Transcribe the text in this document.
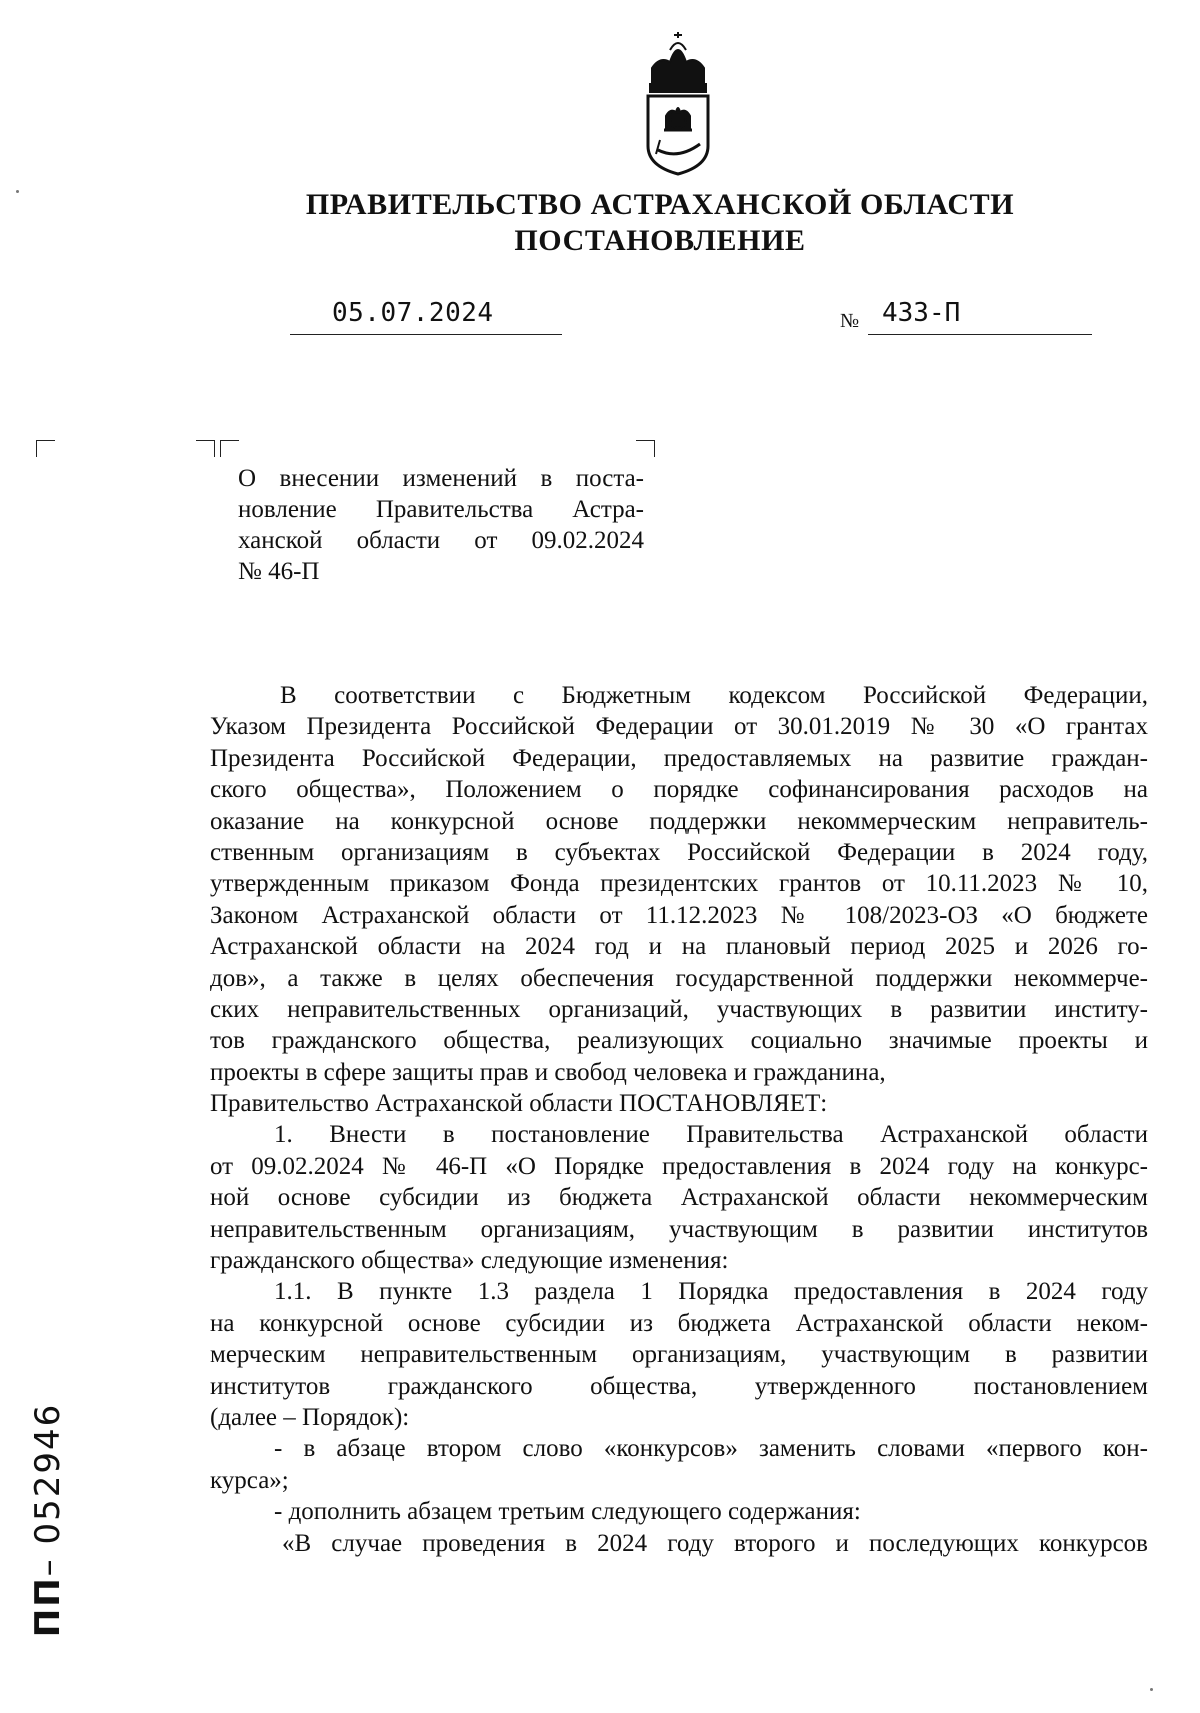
ПРАВИТЕЛЬСТВО АСТРАХАНСКОЙ ОБЛАСТИ
ПОСТАНОВЛЕНИЕ
05.07.2024	№ 433-П
О внесении изменений в поста-
новление Правительства Астра-
ханской области от 09.02.2024
№ 46-П
В соответствии с Бюджетным кодексом Российской Федерации,
Указом Президента Российской Федерации от 30.01.2019 № 30 «О грантах
Президента Российской Федерации, предоставляемых на развитие граждан-
ского общества», Положением о порядке софинансирования расходов на
оказание на конкурсной основе поддержки некоммерческим неправитель-
ственным организациям в субъектах Российской Федерации в 2024 году,
утвержденным приказом Фонда президентских грантов от 10.11.2023 № 10,
Законом Астраханской области от 11.12.2023 № 108/2023-ОЗ «О бюджете
Астраханской области на 2024 год и на плановый период 2025 и 2026 го-
дов», а также в целях обеспечения государственной поддержки некоммерче-
ских неправительственных организаций, участвующих в развитии институ-
тов гражданского общества, реализующих социально значимые проекты и
проекты в сфере защиты прав и свобод человека и гражданина,
Правительство Астраханской области ПОСТАНОВЛЯЕТ:
1. Внести в постановление Правительства Астраханской области
от 09.02.2024 № 46-П «О Порядке предоставления в 2024 году на конкурс-
ной основе субсидии из бюджета Астраханской области некоммерческим
неправительственным организациям, участвующим в развитии институтов
гражданского общества» следующие изменения:
1.1. В пункте 1.3 раздела 1 Порядка предоставления в 2024 году
на конкурсной основе субсидии из бюджета Астраханской области неком-
мерческим неправительственным организациям, участвующим в развитии
институтов гражданского общества, утвержденного постановлением
(далее – Порядок):
- в абзаце втором слово «конкурсов» заменить словами «первого кон-
курса»;
- дополнить абзацем третьим следующего содержания:
«В случае проведения в 2024 году второго и последующих конкурсов
ПП– 052946
